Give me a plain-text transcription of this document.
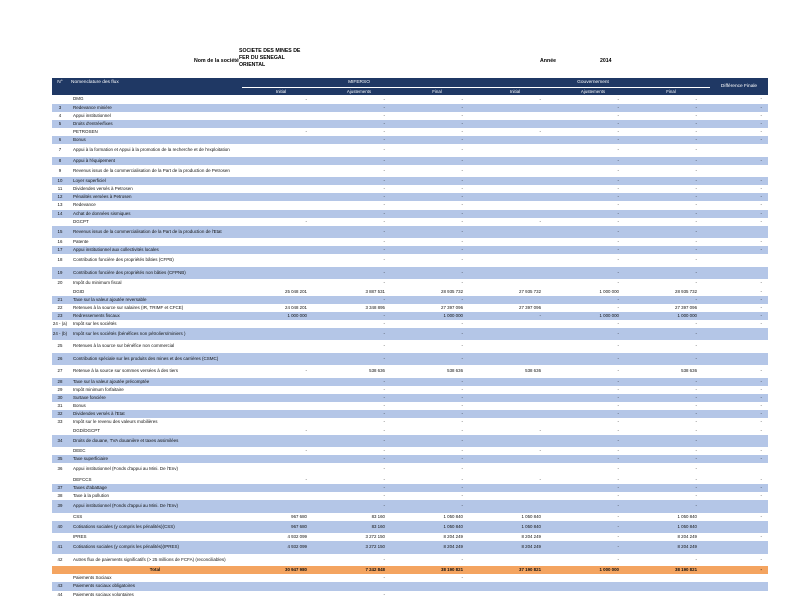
Nom de la société
SOCIETE DES MINES DE
FER DU SENEGAL
ORIENTAL
Année	2014
N°	Nomenclature des flux	MIFERSO			Gouvernement			Différence Finale
		Initial	Ajustements	Final	Initial	Ajustements	Final	
	DMG	-	-	-	-	-	-	-
3	Redevance minière		-	-		-	-	-
4	Appui institutionnel		-	-		-	-	-
5	Droits d'entrée/fixes		-	-		-	-	-
	PETROSEN	-	-	-	-	-	-	-
6	Bonus		-	-		-	-	-
7	Appui à la formation et Appui à la promotion de la recherche et de l'exploitation		-	-		-	-	
8	Appui à l'équipement		-	-		-	-	-
9	Revenus issus de la commercialisation de la Part de la production de Petrosen		-	-		-	-	
10	Loyer superficiel		-	-		-	-	-
11	Dividendes versés à Petrosen		-	-		-	-	-
12	Pénalités versées à Petrosen		-	-		-	-	-
13	Redevance		-	-		-	-	-
14	Achat de données sismiques		-	-		-	-	-
	DGCPT	-	-	-	-	-	-	-
15	Revenus issus de la commercialisation de la Part de la production de l'Etat		-	-		-	-	
16	Patente		-	-		-	-	-
17	Appui institutionnel aux collectivités locales		-	-		-	-	-
18	Contribution foncière des propriétés bâties (CFPB)		-	-		-	-	
19	Contribution foncière des propriétés non bâties (CFPNB)		-	-		-	-	
20	Impôt du minimum fiscal		-	-		-	-	-
	DGID	25 048 201	3 887 531	28 935 732	27 935 732	1 000 000	28 935 732	-
21	Taxe sur la valeur ajoutée reversable		-	-		-	-	-
22	Retenues à la source sur salaires (IR, TRIMF et CFCE)	24 048 201	3 348 895	27 397 096	27 397 096	-	27 397 096	-
23	Redressements fiscaux	1 000 000	-	1 000 000	-	1 000 000	1 000 000	-
24 - (a)	Impôt sur les sociétés		-	-		-	-	-
24 - (b)	Impôt sur les sociétés (bénéfices non pétroliers/miniers )		-	-		-	-	
25	Retenues à la source sur bénéfice non commercial		-	-		-	-	
26	Contribution spéciale sur les produits des mines et des carrières (CSMC)		-	-		-	-	
27	Retenue à la source sur sommes versées à des tiers	-	538 636	538 636	538 636	-	538 636	-
28	Taxe sur la valeur ajoutée précomptée		-	-		-	-	-
29	Impôt minimum forfaitaire		-	-		-	-	-
30	Surtaxe foncière		-	-		-	-	-
31	Bonus		-	-		-	-	-
32	Dividendes versés à l'Etat		-	-		-	-	-
33	Impôt sur le revenu des valeurs mobilières		-	-		-	-	-
	DGD/DGCPT	-	-	-	-	-	-	-
34	Droits de douane, TVA douanière et taxes assimilées		-	-		-	-	
	DEEC	-	-	-	-	-	-	-
35	Taxe superficiaire		-	-		-	-	-
36	Appui institutionnel (Fonds d'appui au Mini. De l'Env)		-	-		-	-	
	DEFCCS	-	-	-	-	-	-	-
37	Taxes d'abattage		-	-		-	-	-
38	Taxe à la pollution		-	-		-	-	-
39	Appui institutionnel (Fonds d'appui au Mini. De l'Env)		-	-		-	-	
	CSS	967 680	83 160	1 050 840	1 050 840	-	1 050 840	-
40	Cotisations sociales (y compris les pénalités)(CSS)	967 680	83 160	1 050 840	1 050 840	-	1 050 840	
	IPRES	4 932 099	3 272 150	8 204 249	8 204 249	-	8 204 249	-
41	Cotisations sociales (y compris les pénalités)(IPRES)	4 932 099	3 272 150	8 204 249	8 204 249	-	8 204 249	
42	Autres flux de paiements significatifs (> 25 millions de FCFA) (reconciliables)		-	-		-	-	-
	Total	30 947 980	7 242 848	38 190 821	37 190 821	1 000 000	38 190 821	-
	Paiements Sociaux		-	-				
43	Paiements sociaux obligatoires							
44	Paiements sociaux volontaires		-					
